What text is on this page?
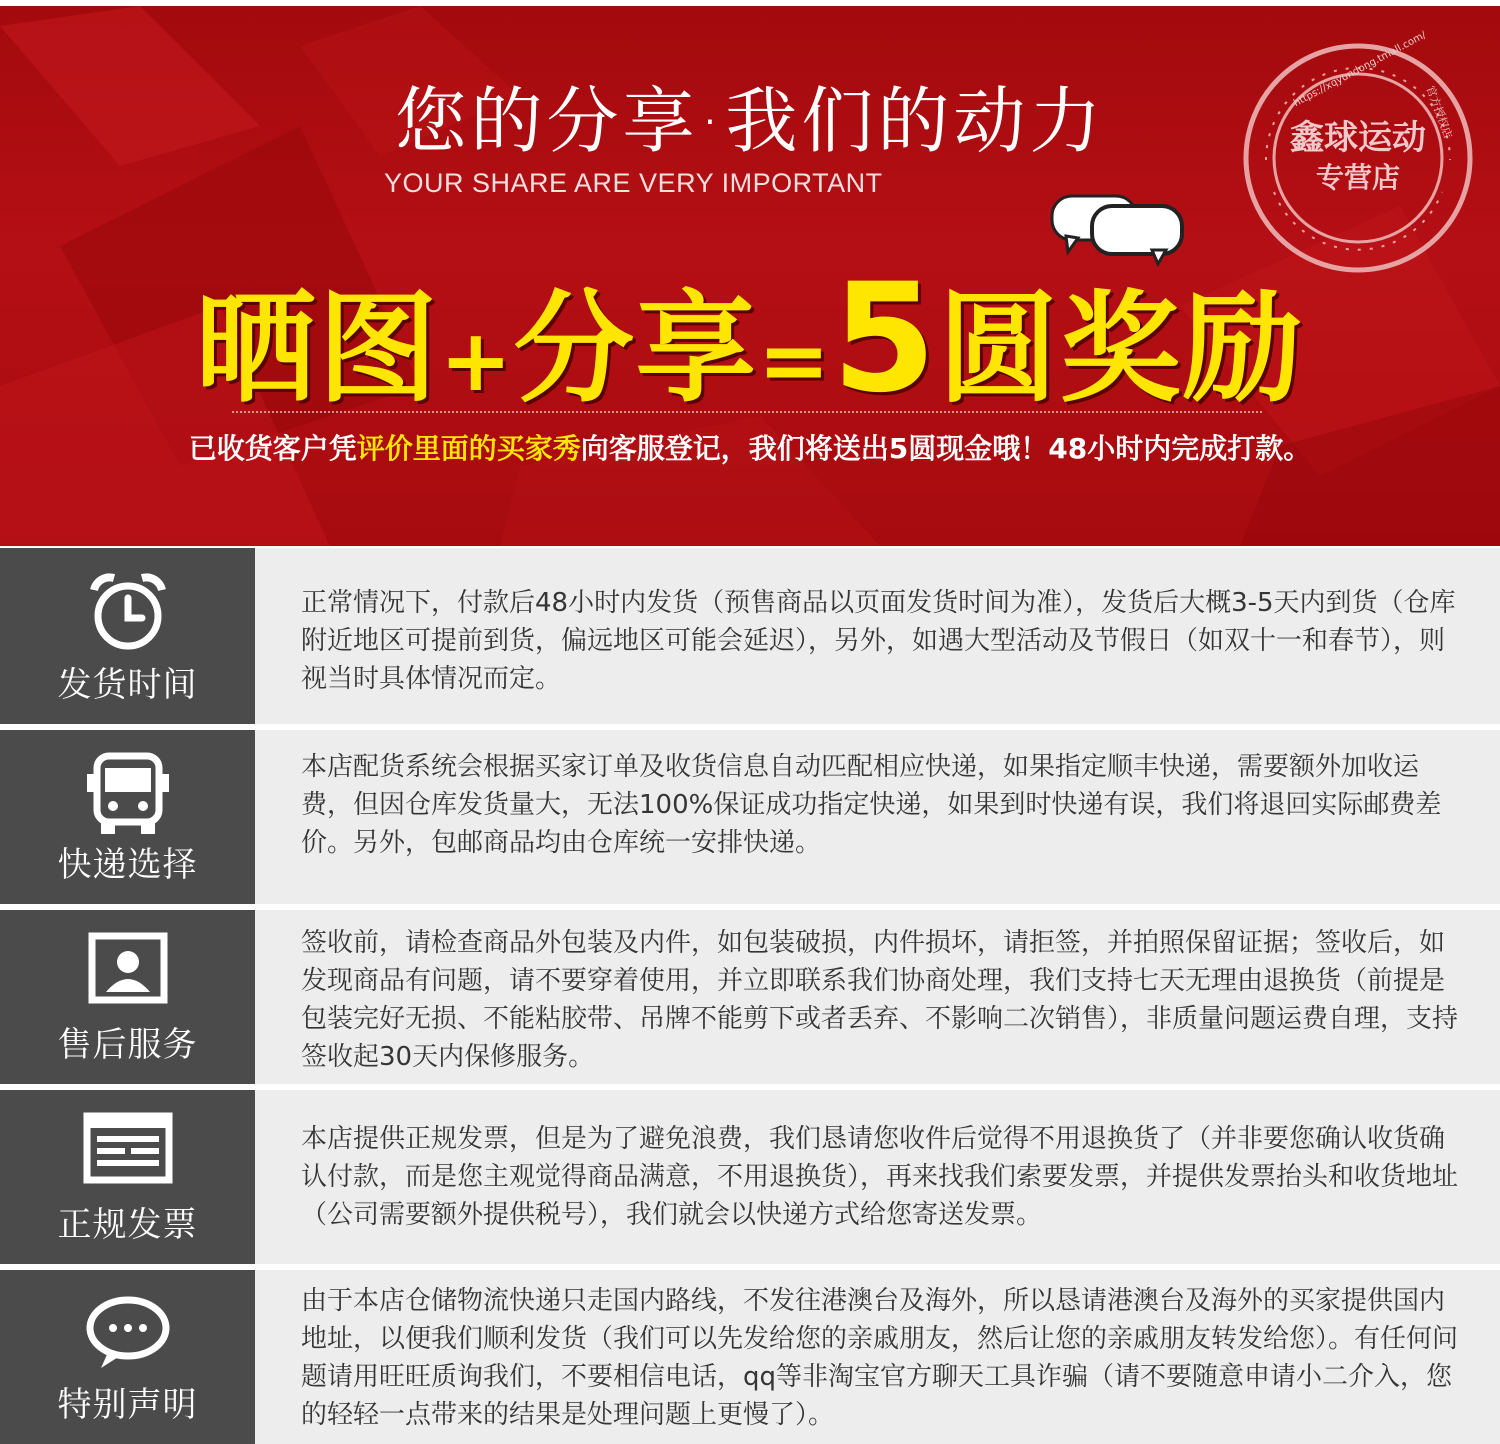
您的分享·我们的动力
YOUR SHARE ARE VERY IMPORTANT
鑫球运动
专营店
https://xqyundong.tmall.com/
官方授权店
晒图+分享=5圆奖励
已收货客户凭评价里面的买家秀向客服登记，我们将送出5圆现金哦！48小时内完成打款。
发货时间
正常情况下，付款后48小时内发货（预售商品以页面发货时间为准），发货后大概3-5天内到货（仓库附近地区可提前到货，偏远地区可能会延迟），另外，如遇大型活动及节假日（如双十一和春节），则视当时具体情况而定。
快递选择
本店配货系统会根据买家订单及收货信息自动匹配相应快递，如果指定顺丰快递，需要额外加收运费，但因仓库发货量大，无法100%保证成功指定快递，如果到时快递有误，我们将退回实际邮费差价。另外，包邮商品均由仓库统一安排快递。
售后服务
签收前，请检查商品外包装及内件，如包装破损，内件损坏，请拒签，并拍照保留证据；签收后，如发现商品有问题，请不要穿着使用，并立即联系我们协商处理，我们支持七天无理由退换货（前提是包装完好无损、不能粘胶带、吊牌不能剪下或者丢弃、不影响二次销售），非质量问题运费自理，支持签收起30天内保修服务。
正规发票
本店提供正规发票，但是为了避免浪费，我们恳请您收件后觉得不用退换货了（并非要您确认收货确认付款，而是您主观觉得商品满意，不用退换货），再来找我们索要发票，并提供发票抬头和收货地址（公司需要额外提供税号），我们就会以快递方式给您寄送发票。
特别声明
由于本店仓储物流快递只走国内路线，不发往港澳台及海外，所以恳请港澳台及海外的买家提供国内地址，以便我们顺利发货（我们可以先发给您的亲戚朋友，然后让您的亲戚朋友转发给您）。有任何问题请用旺旺质询我们，不要相信电话，qq等非淘宝官方聊天工具诈骗（请不要随意申请小二介入，您的轻轻一点带来的结果是处理问题上更慢了）。
